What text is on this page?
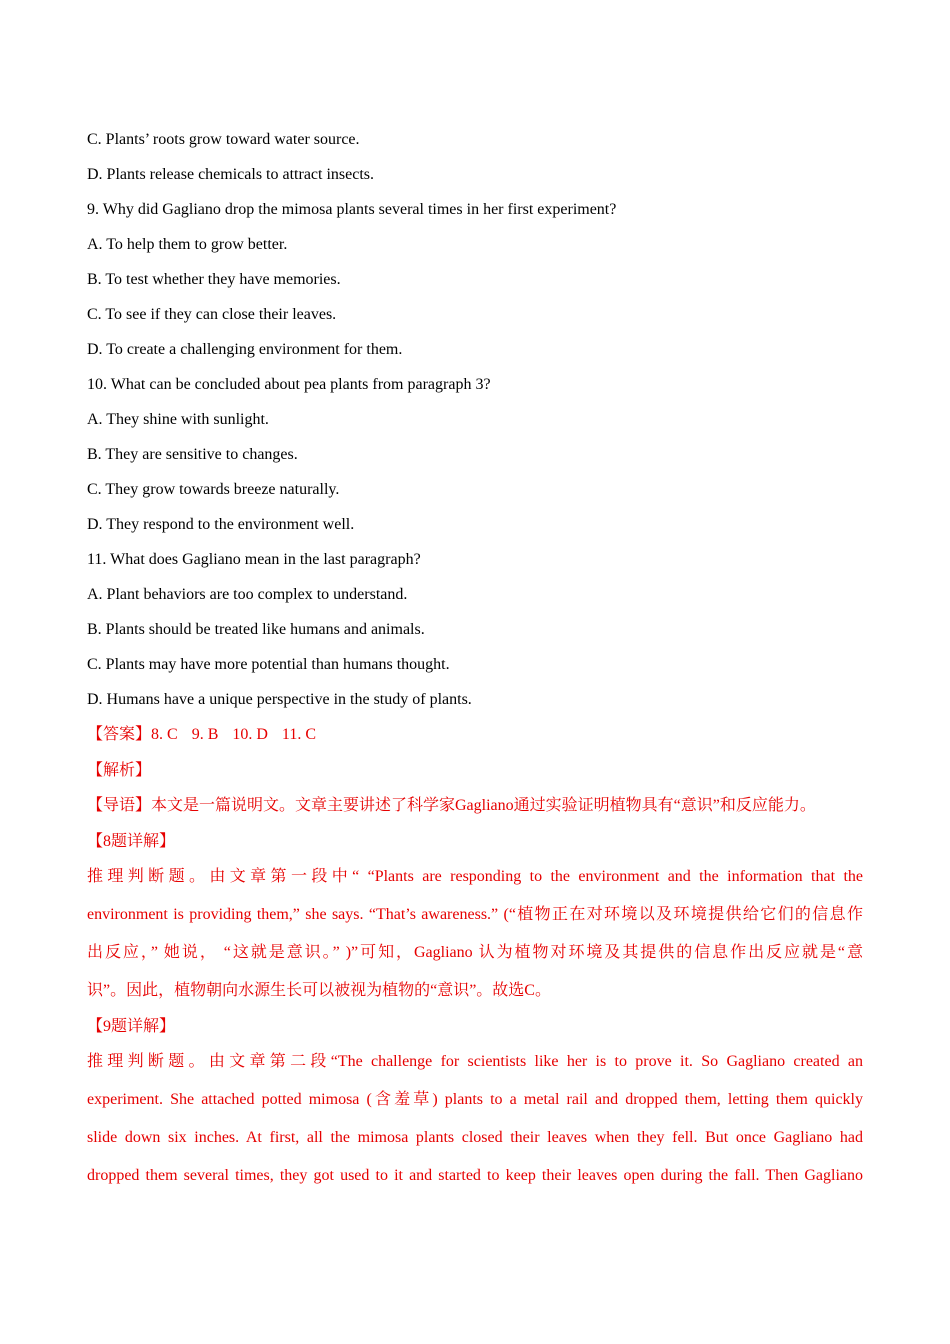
C. Plants’ roots grow toward water source.
D. Plants release chemicals to attract insects.
9. Why did Gagliano drop the mimosa plants several times in her first experiment?
A. To help them to grow better.
B. To test whether they have memories.
C. To see if they can close their leaves.
D. To create a challenging environment for them.
10. What can be concluded about pea plants from paragraph 3?
A. They shine with sunlight.
B. They are sensitive to changes.
C. They grow towards breeze naturally.
D. They respond to the environment well.
11. What does Gagliano mean in the last paragraph?
A. Plant behaviors are too complex to understand.
B. Plants should be treated like humans and animals.
C. Plants may have more potential than humans thought.
D. Humans have a unique perspective in the study of plants.
【答案】8. C 9. B 10. D 11. C
【解析】
【导语】本文是一篇说明文。文章主要讲述了科学家Gagliano通过实验证明植物具有“意识”和反应能力。
【8题详解】
推理判断题。由文章第一段中“ “Plants are responding to the environment and the information that the
environment is providing them,” she says. “That’s awareness.” (“植物正在对环境以及环境提供给它们的信息作
出反应，” 她说， “这就是意识。” )”可知，Gagliano 认为植物对环境及其提供的信息作出反应就是“意
识”。因此，植物朝向水源生长可以被视为植物的“意识”。故选C。
【9题详解】
推理判断题。由文章第二段“The challenge for scientists like her is to prove it. So Gagliano created an
experiment. She attached potted mimosa (含羞草) plants to a metal rail and dropped them, letting them quickly
slide down six inches. At first, all the mimosa plants closed their leaves when they fell. But once Gagliano had
dropped them several times, they got used to it and started to keep their leaves open during the fall. Then Gagliano
